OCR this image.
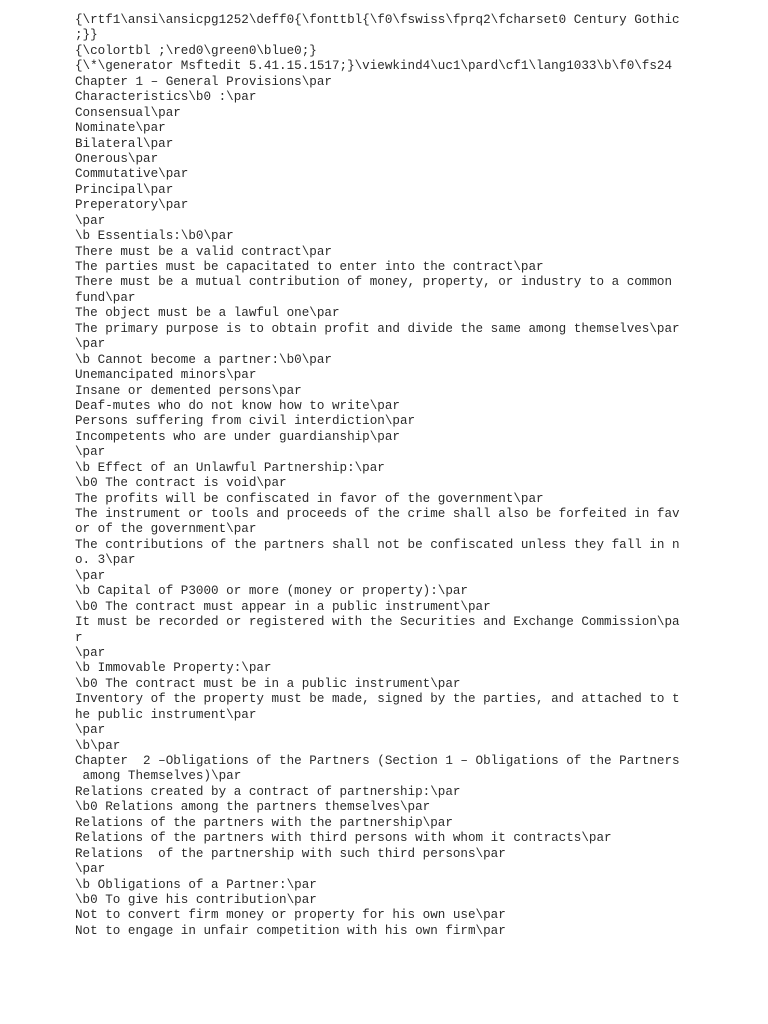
{\rtf1\ansi\ansicpg1252\deff0{\fonttbl{\f0\fswiss\fprq2\fcharset0 Century Gothic
;}}
{\colortbl ;\red0\green0\blue0;}
{\*\generator Msftedit 5.41.15.1517;}\viewkind4\uc1\pard\cf1\lang1033\b\f0\fs24
Chapter 1 – General Provisions\par
Characteristics\b0 :\par
Consensual\par
Nominate\par
Bilateral\par
Onerous\par
Commutative\par
Principal\par
Preperatory\par
\par
\b Essentials:\b0\par
There must be a valid contract\par
The parties must be capacitated to enter into the contract\par
There must be a mutual contribution of money, property, or industry to a common
fund\par
The object must be a lawful one\par
The primary purpose is to obtain profit and divide the same among themselves\par
\par
\b Cannot become a partner:\b0\par
Unemancipated minors\par
Insane or demented persons\par
Deaf-mutes who do not know how to write\par
Persons suffering from civil interdiction\par
Incompetents who are under guardianship\par
\par
\b Effect of an Unlawful Partnership:\par
\b0 The contract is void\par
The profits will be confiscated in favor of the government\par
The instrument or tools and proceeds of the crime shall also be forfeited in fav
or of the government\par
The contributions of the partners shall not be confiscated unless they fall in n
o. 3\par
\par
\b Capital of P3000 or more (money or property):\par
\b0 The contract must appear in a public instrument\par
It must be recorded or registered with the Securities and Exchange Commission\pa
r
\par
\b Immovable Property:\par
\b0 The contract must be in a public instrument\par
Inventory of the property must be made, signed by the parties, and attached to t
he public instrument\par
\par
\b\par
Chapter  2 –Obligations of the Partners (Section 1 – Obligations of the Partners
among Themselves)\par
Relations created by a contract of partnership:\par
\b0 Relations among the partners themselves\par
Relations of the partners with the partnership\par
Relations of the partners with third persons with whom it contracts\par
Relations  of the partnership with such third persons\par
\par
\b Obligations of a Partner:\par
\b0 To give his contribution\par
Not to convert firm money or property for his own use\par
Not to engage in unfair competition with his own firm\par
